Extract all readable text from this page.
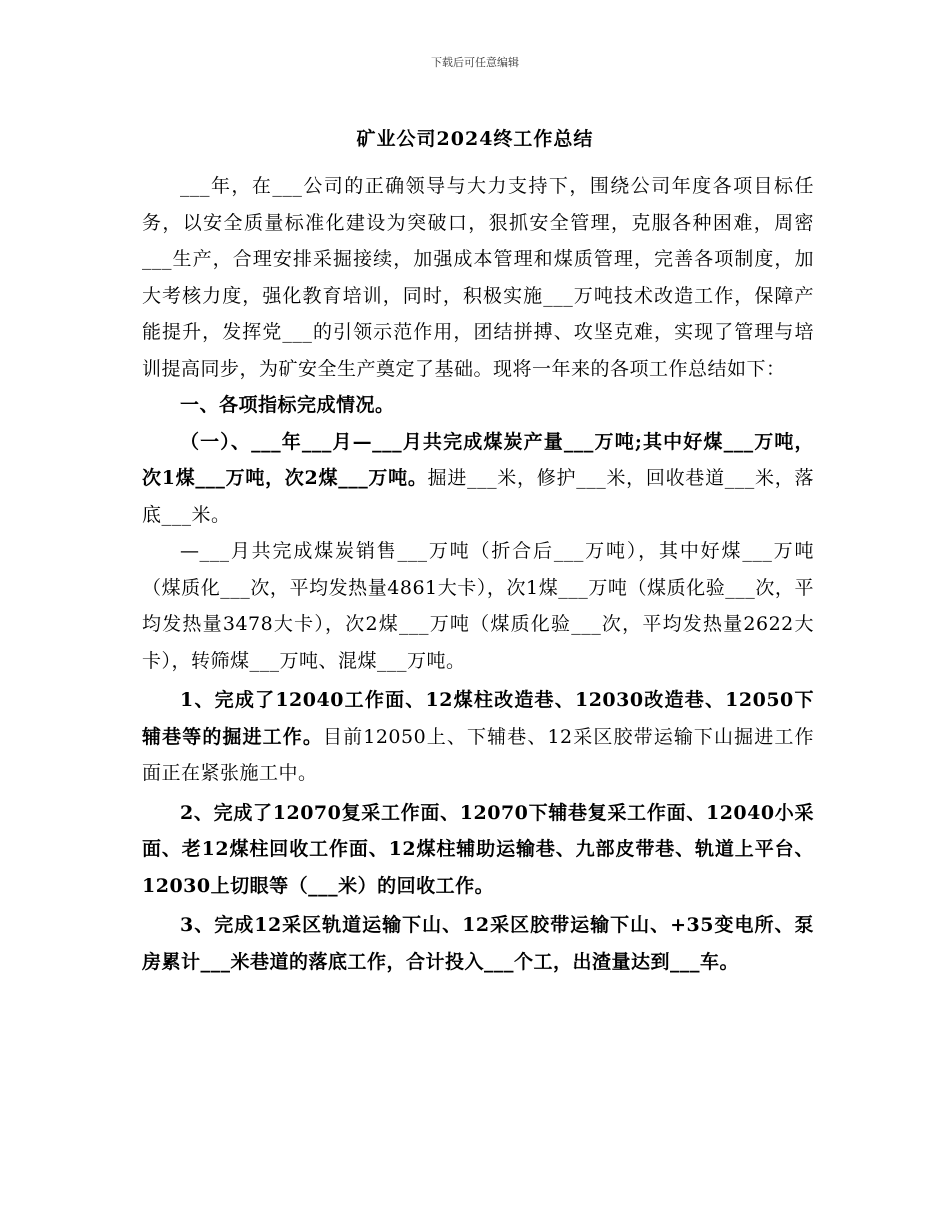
下载后可任意编辑
矿业公司2024终工作总结

___年，在___公司的正确领导与大力支持下，围绕公司年度各项目标任务，以安全质量标准化建设为突破口，狠抓安全管理，克服各种困难，周密___生产，合理安排采掘接续，加强成本管理和煤质管理，完善各项制度，加大考核力度，强化教育培训，同时，积极实施___万吨技术改造工作，保障产能提升，发挥党___的引领示范作用，团结拼搏、攻坚克难，实现了管理与培训提高同步，为矿安全生产奠定了基础。现将一年来的各项工作总结如下：

一、各项指标完成情况。

（一）、___年___月—___月共完成煤炭产量___万吨;其中好煤___万吨，次1煤___万吨，次2煤___万吨。掘进___米，修护___米，回收巷道___米，落底___米。

—___月共完成煤炭销售___万吨（折合后___万吨），其中好煤___万吨（煤质化___次，平均发热量4861大卡），次1煤___万吨（煤质化验___次，平均发热量3478大卡），次2煤___万吨（煤质化验___次，平均发热量2622大卡），转筛煤___万吨、混煤___万吨。

1、完成了12040工作面、12煤柱改造巷、12030改造巷、12050下辅巷等的掘进工作。目前12050上、下辅巷、12采区胶带运输下山掘进工作面正在紧张施工中。

2、完成了12070复采工作面、12070下辅巷复采工作面、12040小采面、老12煤柱回收工作面、12煤柱辅助运输巷、九部皮带巷、轨道上平台、12030上切眼等（___米）的回收工作。

3、完成12采区轨道运输下山、12采区胶带运输下山、+35变电所、泵房累计___米巷道的落底工作，合计投入___个工，出渣量达到___车。
